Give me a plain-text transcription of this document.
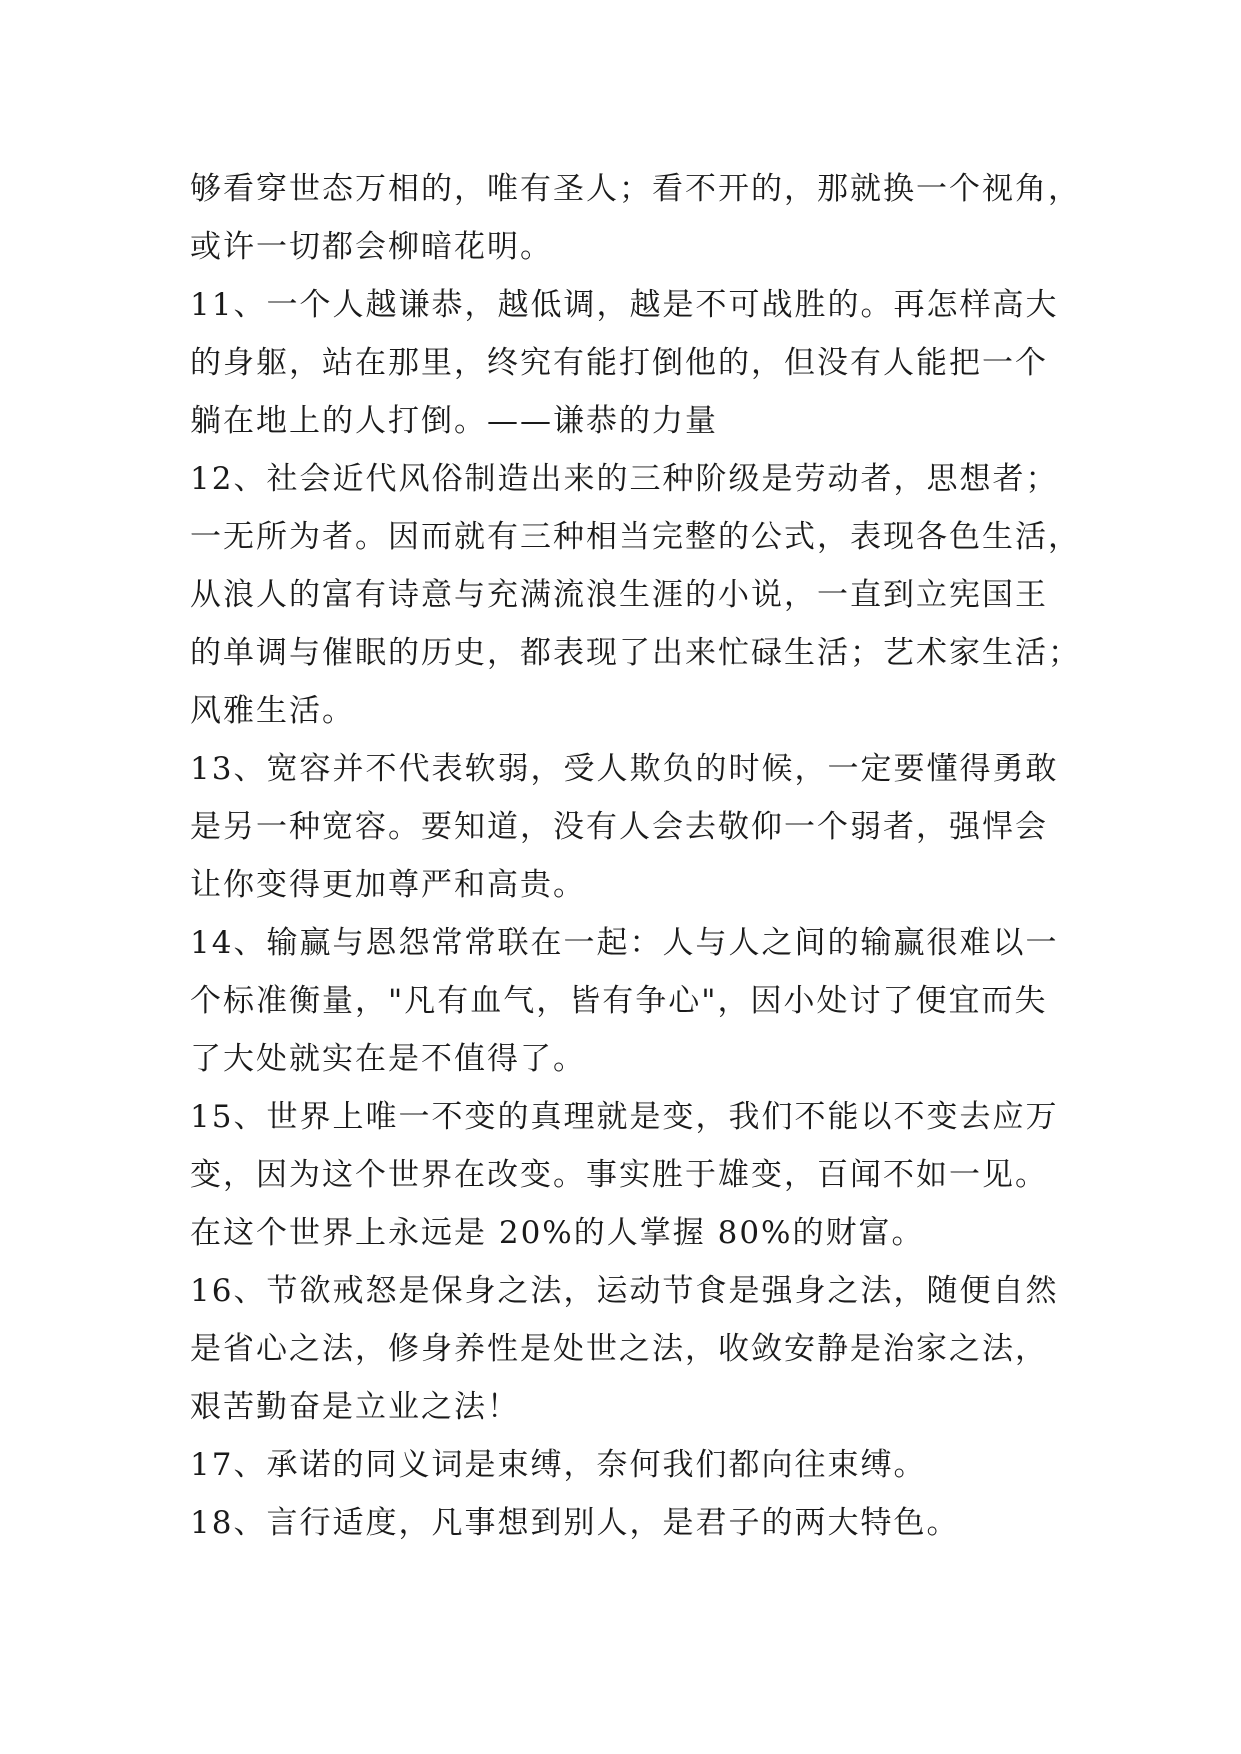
够看穿世态万相的，唯有圣人；看不开的，那就换一个视角，
或许一切都会柳暗花明。
11、一个人越谦恭，越低调，越是不可战胜的。再怎样高大
的身躯，站在那里，终究有能打倒他的，但没有人能把一个
躺在地上的人打倒。——谦恭的力量
12、社会近代风俗制造出来的三种阶级是劳动者，思想者；
一无所为者。因而就有三种相当完整的公式，表现各色生活，
从浪人的富有诗意与充满流浪生涯的小说，一直到立宪国王
的单调与催眠的历史，都表现了出来忙碌生活；艺术家生活；
风雅生活。
13、宽容并不代表软弱，受人欺负的时候，一定要懂得勇敢
是另一种宽容。要知道，没有人会去敬仰一个弱者，强悍会
让你变得更加尊严和高贵。
14、输赢与恩怨常常联在一起：人与人之间的输赢很难以一
个标准衡量，"凡有血气，皆有争心"，因小处讨了便宜而失
了大处就实在是不值得了。
15、世界上唯一不变的真理就是变，我们不能以不变去应万
变，因为这个世界在改变。事实胜于雄变，百闻不如一见。
在这个世界上永远是 20%的人掌握 80%的财富。
16、节欲戒怒是保身之法，运动节食是强身之法，随便自然
是省心之法，修身养性是处世之法，收敛安静是治家之法，
艰苦勤奋是立业之法！
17、承诺的同义词是束缚，奈何我们都向往束缚。
18、言行适度，凡事想到别人，是君子的两大特色。
